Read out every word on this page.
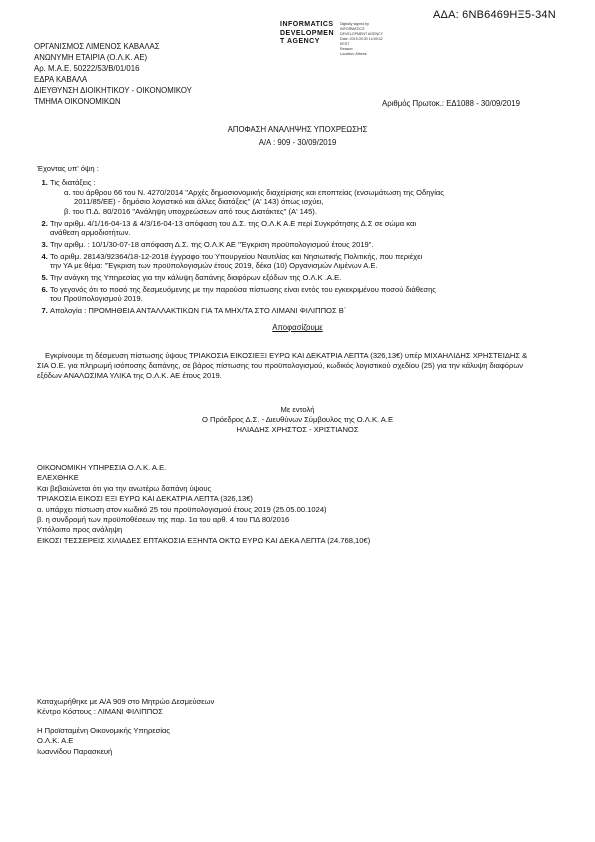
ΑΔΑ: 6ΝΒ6469ΗΞ5-34Ν
INFORMATICS
DEVELOPMEN
T AGENCY
Digitally signed by
INFORMATICS
DEVELOPMENT AGENCY
Date: 2019.09.30 14:59:42
EEST
Reason:
Location: Athens
ΟΡΓΑΝΙΣΜΟΣ ΛΙΜΕΝΟΣ ΚΑΒΑΛΑΣ
ΑΝΩΝΥΜΗ ΕΤΑΙΡΙΑ (Ο.Λ.Κ. ΑΕ)
Αρ. Μ.Α.Ε. 50222/53/Β/01/016
ΕΔΡΑ ΚΑΒΑΛΑ
ΔΙΕΥΘΥΝΣΗ ΔΙΟΙΚΗΤΙΚΟΥ - ΟΙΚΟΝΟΜΙΚΟΥ
ΤΜΗΜΑ ΟΙΚΟΝΟΜΙΚΩΝ	Αριθμός Πρωτοκ.: ΕΔ1088 - 30/09/2019
ΑΠΟΦΑΣΗ ΑΝΑΛΗΨΗΣ ΥΠΟΧΡΕΩΣΗΣ
Α/Α : 909 - 30/09/2019
Έχοντας υπ' όψη :
1. Τις διατάξεις :
α. του άρθρου 66 του Ν. 4270/2014 "Αρχές δημοσιονομικής διαχείρισης και εποπτείας (ενσωμάτωση της Οδηγίας
2011/85/ΕΕ) - δημόσιο λογιστικό και άλλες διατάξεις" (Α' 143) όπως ισχύει,
β. του Π.Δ. 80/2016 "Ανάληψη υποχρεώσεων από τους Διατάκτες" (Α' 145).
2. Την αριθμ. 4/1/16-04-13 & 4/3/16-04-13 απόφαση του Δ.Σ. της Ο.Λ.Κ Α.Ε περί Συγκρότησης Δ.Σ σε σώμα και
ανάθεση αρμοδιοτήτων.
3. Την αριθμ. : 10/1/30-07-18 απόφαση Δ.Σ. της Ο.Λ.Κ ΑΕ "Έγκριση προϋπολογισμού έτους 2019".
4. Το αριθμ. 28143/92364/18-12-2018 έγγραφο του Υπουργείου Ναυτιλίας και Νησιωτικής Πολιτικής, που περιέχει
την ΥΑ με θέμα: "Έγκριση των προϋπολογισμών έτους 2019, δέκα (10) Οργανισμών Λιμένων Α.Ε.
5. Την ανάγκη της Υπηρεσίας για την κάλυψη δαπάνης διαφόρων εξόδων της Ο.Λ.Κ .Α.Ε.
6. Το γεγονός ότι το ποσό της δεσμευόμενης με την παρούσα πίστωσης είναι εντός του εγκεκριμένου ποσού διάθεσης
του Προϋπολογισμού 2019.
7. Απολογία : ΠΡΟΜΗΘΕΙΑ ΑΝΤΑΛΛΑΚΤΙΚΩΝ ΓΙΑ ΤΑ ΜΗΧ/ΤΑ ΣΤΟ ΛΙΜΑΝΙ ΦΙΛΙΠΠΟΣ Β΄
Αποφασίζουμε
Εγκρίνουμε τη δέσμευση πίστωσης ύψους ΤΡΙΑΚΟΣΙΑ ΕΙΚΟΣΙΕΞΙ ΕΥΡΩ ΚΑΙ ΔΕΚΑΤΡΙΑ ΛΕΠΤΑ (326,13€) υπέρ ΜΙΧΑΗΛΙΔΗΣ ΧΡΗΣΤΕΙΔΗΣ & ΣΙΑ Ο.Ε. για πληρωμή ισόποσης δαπάνης, σε βάρος πίστωσης του προϋπολογισμού, κωδικός λογιστικού σχεδίου (25) για την κάλυψη διαφόρων εξόδων ΑΝΑΛΩΣΙΜΑ ΥΛΙΚΑ της Ο.Λ.Κ. ΑΕ έτους 2019.
Με εντολή
Ο Πρόεδρος Δ.Σ. - Διευθύνων Σύμβουλος της Ο.Λ.Κ. Α.Ε
ΗΛΙΑΔΗΣ ΧΡΗΣΤΟΣ - ΧΡΙΣΤΙΑΝΟΣ
ΟΙΚΟΝΟΜΙΚΗ ΥΠΗΡΕΣΙΑ Ο.Λ.Κ. Α.Ε.
ΕΛΕΧΘΗΚΕ
Και βεβαιώνεται ότι για την ανωτέρω δαπάνη ύψους
ΤΡΙΑΚΟΣΙΑ ΕΙΚΟΣΙ ΕΞΙ ΕΥΡΩ ΚΑΙ ΔΕΚΑΤΡΙΑ ΛΕΠΤΑ (326,13€)
α. υπάρχει πίστωση στον κωδικό 25 του προϋπολογισμού έτους 2019 (25.05.00.1024)
β. η συνδρομή των προϋποθέσεων της παρ. 1α του αρθ. 4 του ΠΔ 80/2016
Υπόλοιπο προς ανάληψη
ΕΙΚΟΣΙ ΤΕΣΣΕΡΕΙΣ ΧΙΛΙΑΔΕΣ ΕΠΤΑΚΟΣΙΑ ΕΞΗΝΤΑ ΟΚΤΩ ΕΥΡΩ ΚΑΙ ΔΕΚΑ ΛΕΠΤΑ (24.768,10€)
Καταχωρήθηκε με Α/Α 909 στο Μητρώο Δεσμεύσεων
Κέντρο Κόστους : ΛΙΜΑΝΙ ΦΙΛΙΠΠΟΣ
Η Προϊσταμένη Οικονομικής Υπηρεσίας
Ο.Λ.Κ. Α.Ε
Ιωαννίδου Παρασκευή
